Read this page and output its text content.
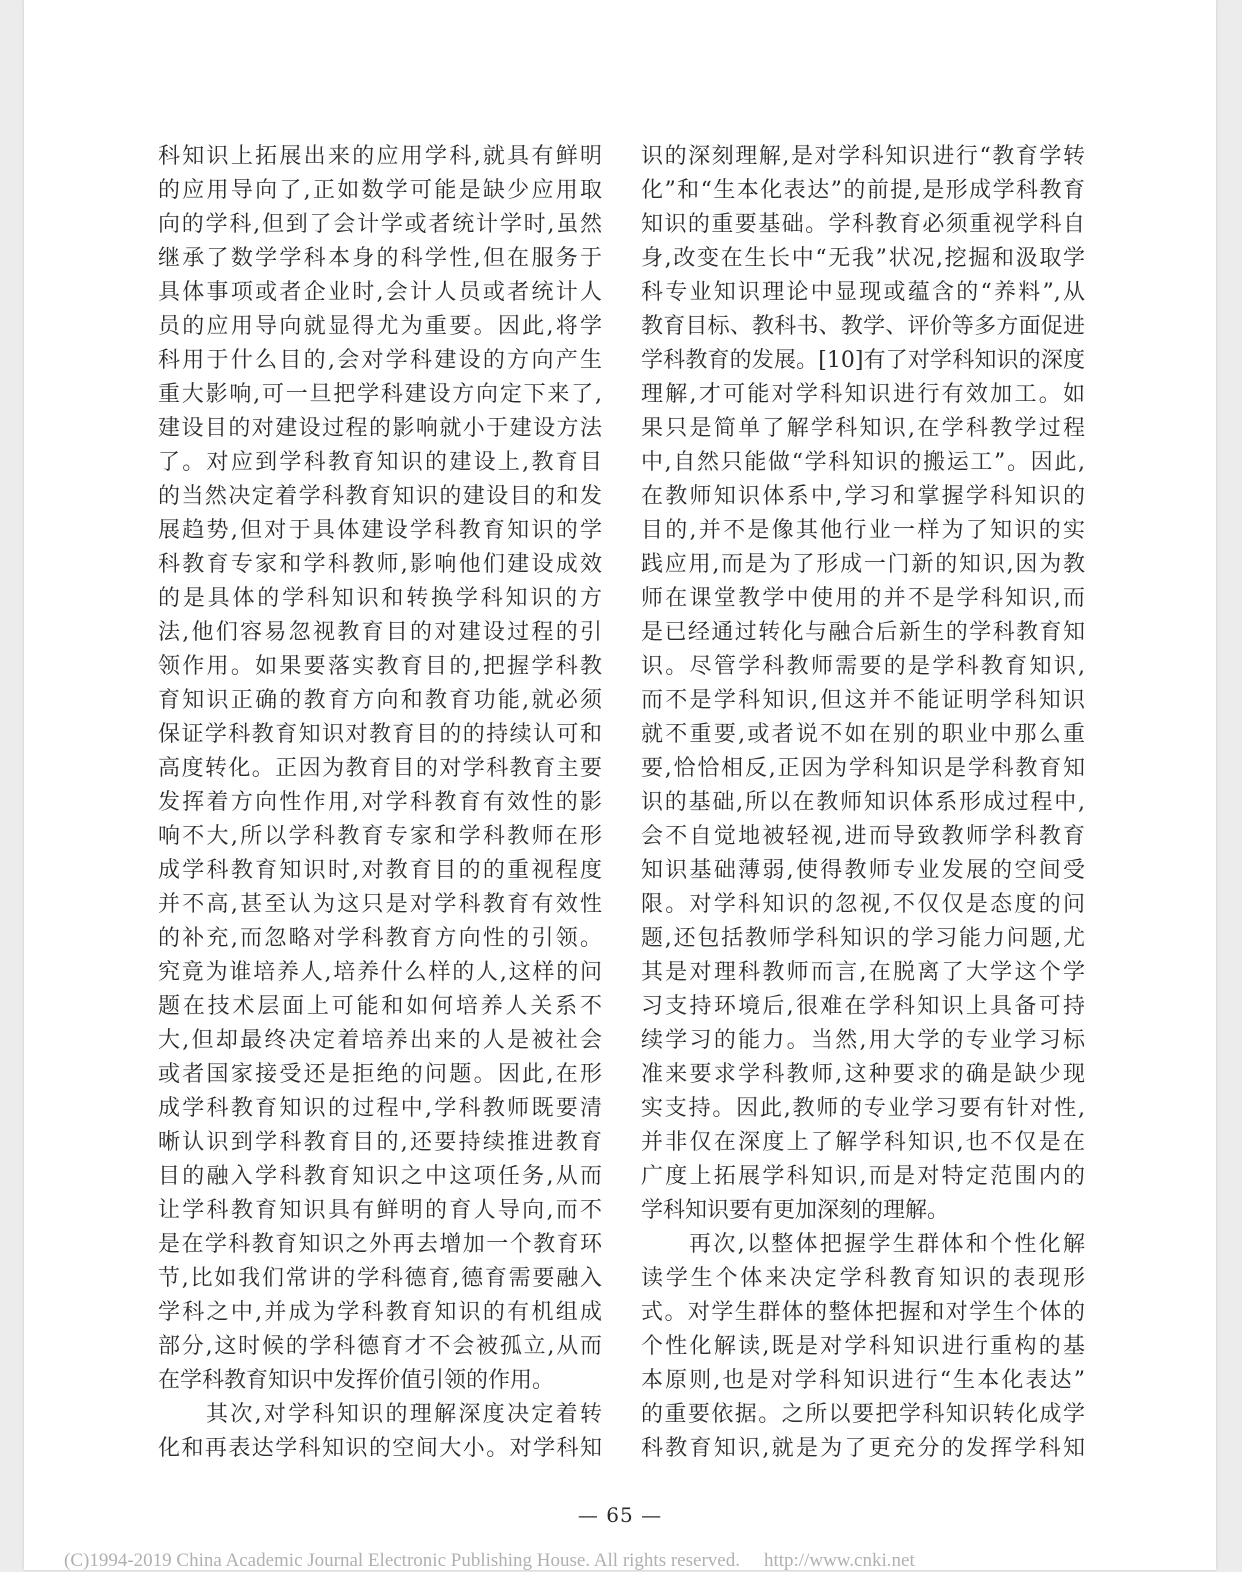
科知识上拓展出来的应用学科,就具有鲜明
的应用导向了,正如数学可能是缺少应用取
向的学科,但到了会计学或者统计学时,虽然
继承了数学学科本身的科学性,但在服务于
具体事项或者企业时,会计人员或者统计人
员的应用导向就显得尤为重要。因此,将学
科用于什么目的,会对学科建设的方向产生
重大影响,可一旦把学科建设方向定下来了,
建设目的对建设过程的影响就小于建设方法
了。对应到学科教育知识的建设上,教育目
的当然决定着学科教育知识的建设目的和发
展趋势,但对于具体建设学科教育知识的学
科教育专家和学科教师,影响他们建设成效
的是具体的学科知识和转换学科知识的方
法,他们容易忽视教育目的对建设过程的引
领作用。如果要落实教育目的,把握学科教
育知识正确的教育方向和教育功能,就必须
保证学科教育知识对教育目的的持续认可和
高度转化。正因为教育目的对学科教育主要
发挥着方向性作用,对学科教育有效性的影
响不大,所以学科教育专家和学科教师在形
成学科教育知识时,对教育目的的重视程度
并不高,甚至认为这只是对学科教育有效性
的补充,而忽略对学科教育方向性的引领。
究竟为谁培养人,培养什么样的人,这样的问
题在技术层面上可能和如何培养人关系不
大,但却最终决定着培养出来的人是被社会
或者国家接受还是拒绝的问题。因此,在形
成学科教育知识的过程中,学科教师既要清
晰认识到学科教育目的,还要持续推进教育
目的融入学科教育知识之中这项任务,从而
让学科教育知识具有鲜明的育人导向,而不
是在学科教育知识之外再去增加一个教育环
节,比如我们常讲的学科德育,德育需要融入
学科之中,并成为学科教育知识的有机组成
部分,这时候的学科德育才不会被孤立,从而
在学科教育知识中发挥价值引领的作用。
其次,对学科知识的理解深度决定着转
化和再表达学科知识的空间大小。对学科知
识的深刻理解,是对学科知识进行“教育学转
化”和“生本化表达”的前提,是形成学科教育
知识的重要基础。学科教育必须重视学科自
身,改变在生长中“无我”状况,挖掘和汲取学
科专业知识理论中显现或蕴含的“养料”,从
教育目标、教科书、教学、评价等多方面促进
学科教育的发展。[10]有了对学科知识的深度
理解,才可能对学科知识进行有效加工。如
果只是简单了解学科知识,在学科教学过程
中,自然只能做“学科知识的搬运工”。因此,
在教师知识体系中,学习和掌握学科知识的
目的,并不是像其他行业一样为了知识的实
践应用,而是为了形成一门新的知识,因为教
师在课堂教学中使用的并不是学科知识,而
是已经通过转化与融合后新生的学科教育知
识。尽管学科教师需要的是学科教育知识,
而不是学科知识,但这并不能证明学科知识
就不重要,或者说不如在别的职业中那么重
要,恰恰相反,正因为学科知识是学科教育知
识的基础,所以在教师知识体系形成过程中,
会不自觉地被轻视,进而导致教师学科教育
知识基础薄弱,使得教师专业发展的空间受
限。对学科知识的忽视,不仅仅是态度的问
题,还包括教师学科知识的学习能力问题,尤
其是对理科教师而言,在脱离了大学这个学
习支持环境后,很难在学科知识上具备可持
续学习的能力。当然,用大学的专业学习标
准来要求学科教师,这种要求的确是缺少现
实支持。因此,教师的专业学习要有针对性,
并非仅在深度上了解学科知识,也不仅是在
广度上拓展学科知识,而是对特定范围内的
学科知识要有更加深刻的理解。
再次,以整体把握学生群体和个性化解
读学生个体来决定学科教育知识的表现形
式。对学生群体的整体把握和对学生个体的
个性化解读,既是对学科知识进行重构的基
本原则,也是对学科知识进行“生本化表达”
的重要依据。之所以要把学科知识转化成学
科教育知识,就是为了更充分的发挥学科知
— 65 —
(C)1994-2019 China Academic Journal Electronic Publishing House. All rights reserved. http://www.cnki.net
